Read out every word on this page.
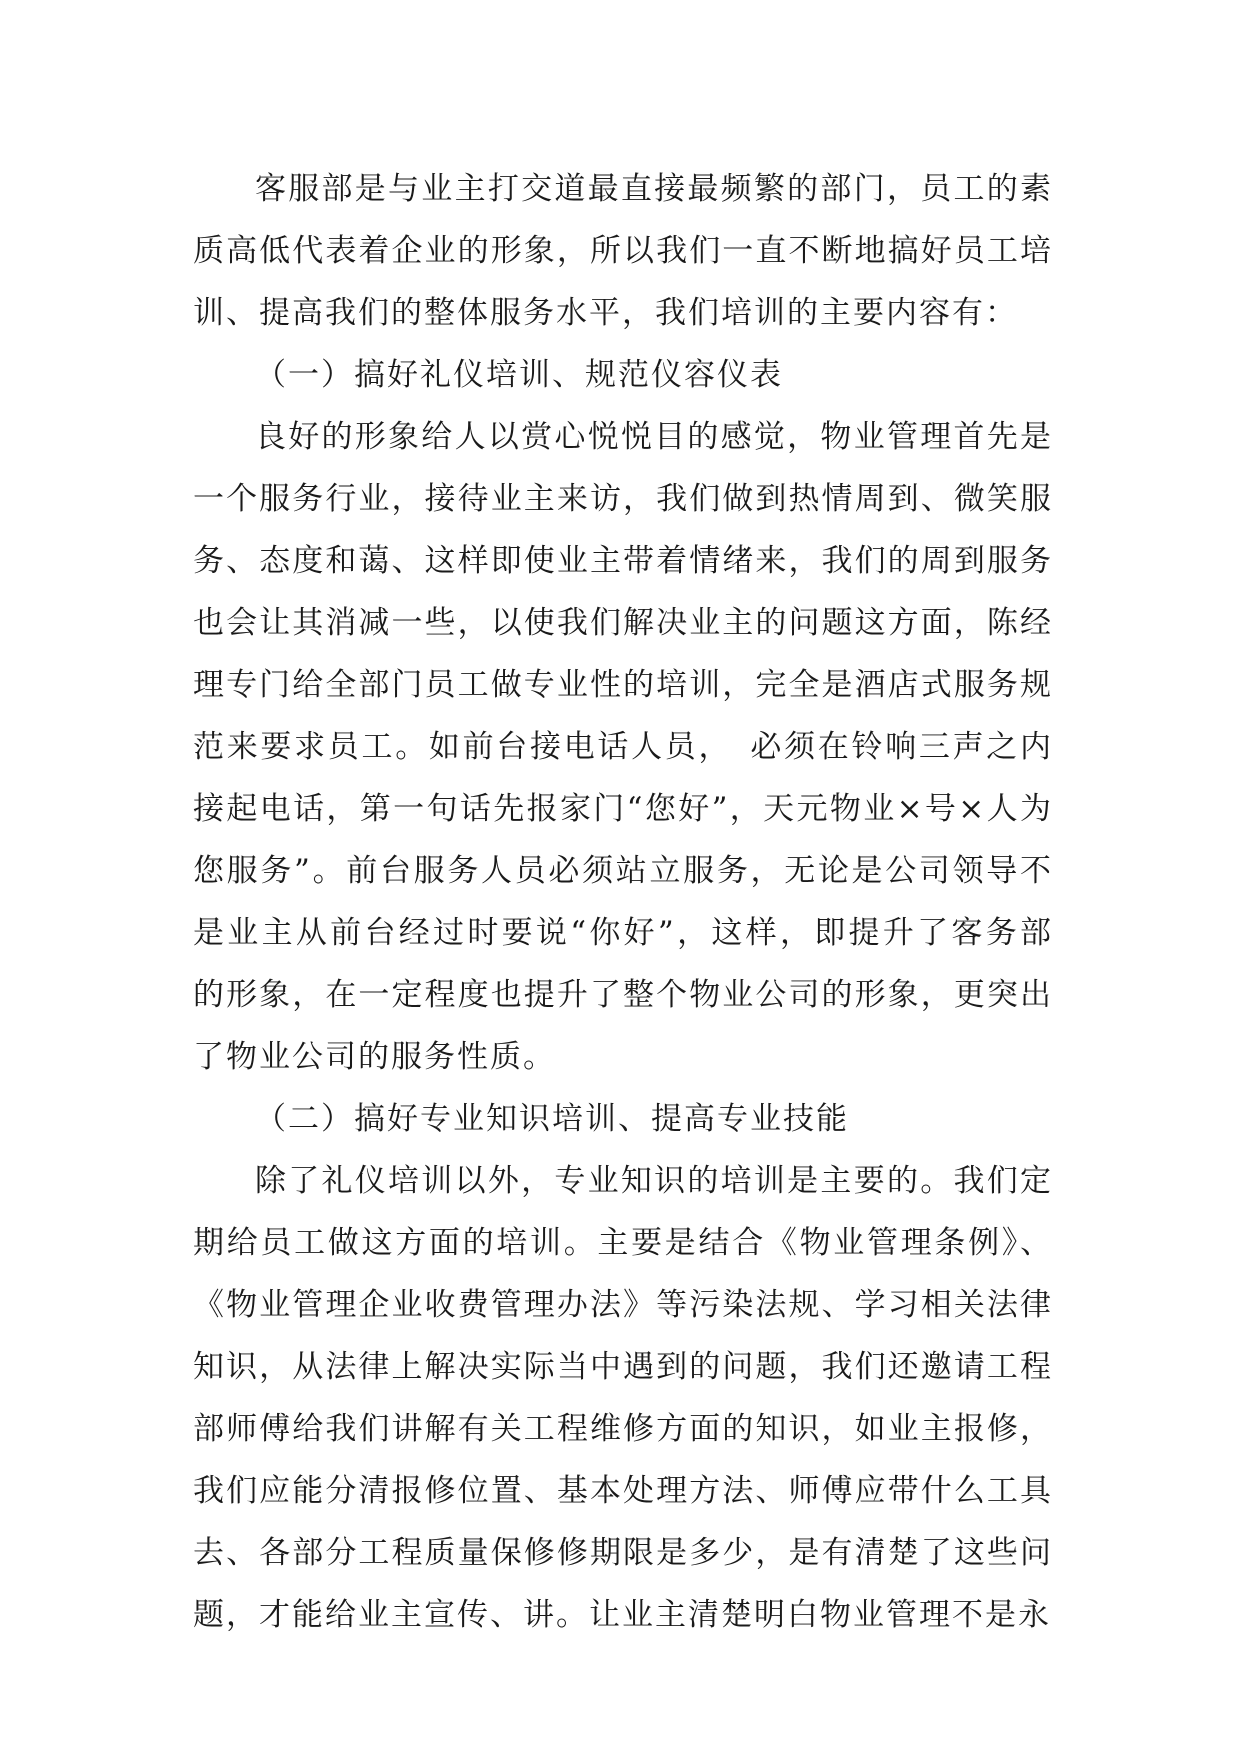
客服部是与业主打交道最直接最频繁的部门，员工的素质高低代表着企业的形象，所以我们一直不断地搞好员工培训、提高我们的整体服务水平，我们培训的主要内容有：

（一）搞好礼仪培训、规范仪容仪表

良好的形象给人以赏心悦悦目的感觉，物业管理首先是一个服务行业，接待业主来访，我们做到热情周到、微笑服务、态度和蔼、这样即使业主带着情绪来，我们的周到服务也会让其消减一些，以使我们解决业主的问题这方面，陈经理专门给全部门员工做专业性的培训，完全是酒店式服务规范来要求员工。如前台接电话人员，　必须在铃响三声之内接起电话，第一句话先报家门“您好”，天元物业×号×人为您服务”。前台服务人员必须站立服务，无论是公司领导不是业主从前台经过时要说“你好”，这样，即提升了客务部的形象，在一定程度也提升了整个物业公司的形象，更突出了物业公司的服务性质。

（二）搞好专业知识培训、提高专业技能

除了礼仪培训以外，专业知识的培训是主要的。我们定期给员工做这方面的培训。主要是结合《物业管理条例》、《物业管理企业收费管理办法》等污染法规、学习相关法律知识，从法律上解决实际当中遇到的问题，我们还邀请工程部师傅给我们讲解有关工程维修方面的知识，如业主报修，我们应能分清报修位置、基本处理方法、师傅应带什么工具去、各部分工程质量保修修期限是多少，是有清楚了这些问题，才能给业主宣传、讲。让业主清楚明白物业管理不是永
